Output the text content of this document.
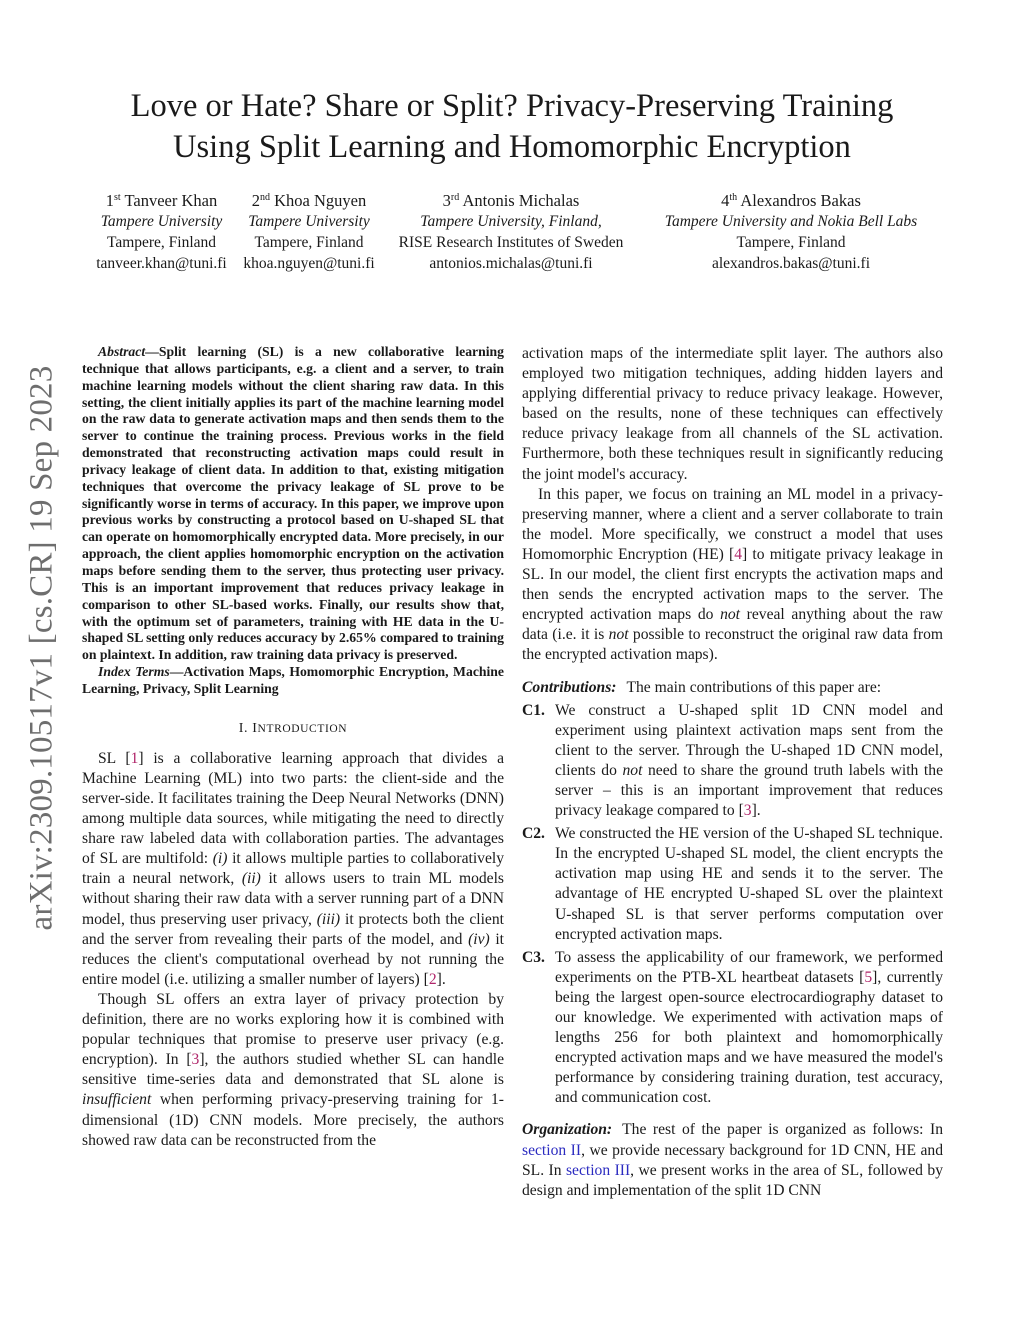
Love or Hate? Share or Split? Privacy-Preserving Training
Using Split Learning and Homomorphic Encryption
1st Tanveer Khan
Tampere University
Tampere, Finland
tanveer.khan@tuni.fi
2nd Khoa Nguyen
Tampere University
Tampere, Finland
khoa.nguyen@tuni.fi
3rd Antonis Michalas
Tampere University, Finland,
RISE Research Institutes of Sweden
antonios.michalas@tuni.fi
4th Alexandros Bakas
Tampere University and Nokia Bell Labs
Tampere, Finland
alexandros.bakas@tuni.fi
arXiv:2309.10517v1 [cs.CR] 19 Sep 2023

Abstract—Split learning (SL) is a new collaborative learning technique that allows participants, e.g. a client and a server, to train machine learning models without the client sharing raw data. In this setting, the client initially applies its part of the machine learning model on the raw data to generate activation maps and then sends them to the server to continue the training process. Previous works in the field demonstrated that reconstructing activation maps could result in privacy leakage of client data. In addition to that, existing mitigation techniques that overcome the privacy leakage of SL prove to be significantly worse in terms of accuracy. In this paper, we improve upon previous works by constructing a protocol based on U-shaped SL that can operate on homomorphically encrypted data. More precisely, in our approach, the client applies homomorphic encryption on the activation maps before sending them to the server, thus protecting user privacy. This is an important improvement that reduces privacy leakage in comparison to other SL-based works. Finally, our results show that, with the optimum set of parameters, training with HE data in the U-shaped SL setting only reduces accuracy by 2.65% compared to training on plaintext. In addition, raw training data privacy is preserved.

Index Terms—Activation Maps, Homomorphic Encryption, Machine Learning, Privacy, Split Learning

I. INTRODUCTION

SL [1] is a collaborative learning approach that divides a Machine Learning (ML) into two parts: the client-side and the server-side. It facilitates training the Deep Neural Networks (DNN) among multiple data sources, while mitigating the need to directly share raw labeled data with collaboration parties. The advantages of SL are multifold: (i) it allows multiple parties to collaboratively train a neural network, (ii) it allows users to train ML models without sharing their raw data with a server running part of a DNN model, thus preserving user privacy, (iii) it protects both the client and the server from revealing their parts of the model, and (iv) it reduces the client's computational overhead by not running the entire model (i.e. utilizing a smaller number of layers) [2].

Though SL offers an extra layer of privacy protection by definition, there are no works exploring how it is combined with popular techniques that promise to preserve user privacy (e.g. encryption). In [3], the authors studied whether SL can handle sensitive time-series data and demonstrated that SL alone is insufficient when performing privacy-preserving training for 1-dimensional (1D) CNN models. More precisely, the authors showed raw data can be reconstructed from the

activation maps of the intermediate split layer. The authors also employed two mitigation techniques, adding hidden layers and applying differential privacy to reduce privacy leakage. However, based on the results, none of these techniques can effectively reduce privacy leakage from all channels of the SL activation. Furthermore, both these techniques result in significantly reducing the joint model's accuracy.

In this paper, we focus on training an ML model in a privacy-preserving manner, where a client and a server collaborate to train the model. More specifically, we construct a model that uses Homomorphic Encryption (HE) [4] to mitigate privacy leakage in SL. In our model, the client first encrypts the activation maps and then sends the encrypted activation maps to the server. The encrypted activation maps do not reveal anything about the raw data (i.e. it is not possible to reconstruct the original raw data from the encrypted activation maps).

Contributions: The main contributions of this paper are:

C1. We construct a U-shaped split 1D CNN model and experiment using plaintext activation maps sent from the client to the server. Through the U-shaped 1D CNN model, clients do not need to share the ground truth labels with the server – this is an important improvement that reduces privacy leakage compared to [3].
C2. We constructed the HE version of the U-shaped SL technique. In the encrypted U-shaped SL model, the client encrypts the activation map using HE and sends it to the server. The advantage of HE encrypted U-shaped SL over the plaintext U-shaped SL is that server performs computation over encrypted activation maps.
C3. To assess the applicability of our framework, we performed experiments on the PTB-XL heartbeat datasets [5], currently being the largest open-source electrocardiography dataset to our knowledge. We experimented with activation maps of lengths 256 for both plaintext and homomorphically encrypted activation maps and we have measured the model's performance by considering training duration, test accuracy, and communication cost.

Organization: The rest of the paper is organized as follows: In section II, we provide necessary background for 1D CNN, HE and SL. In section III, we present works in the area of SL, followed by design and implementation of the split 1D CNN
